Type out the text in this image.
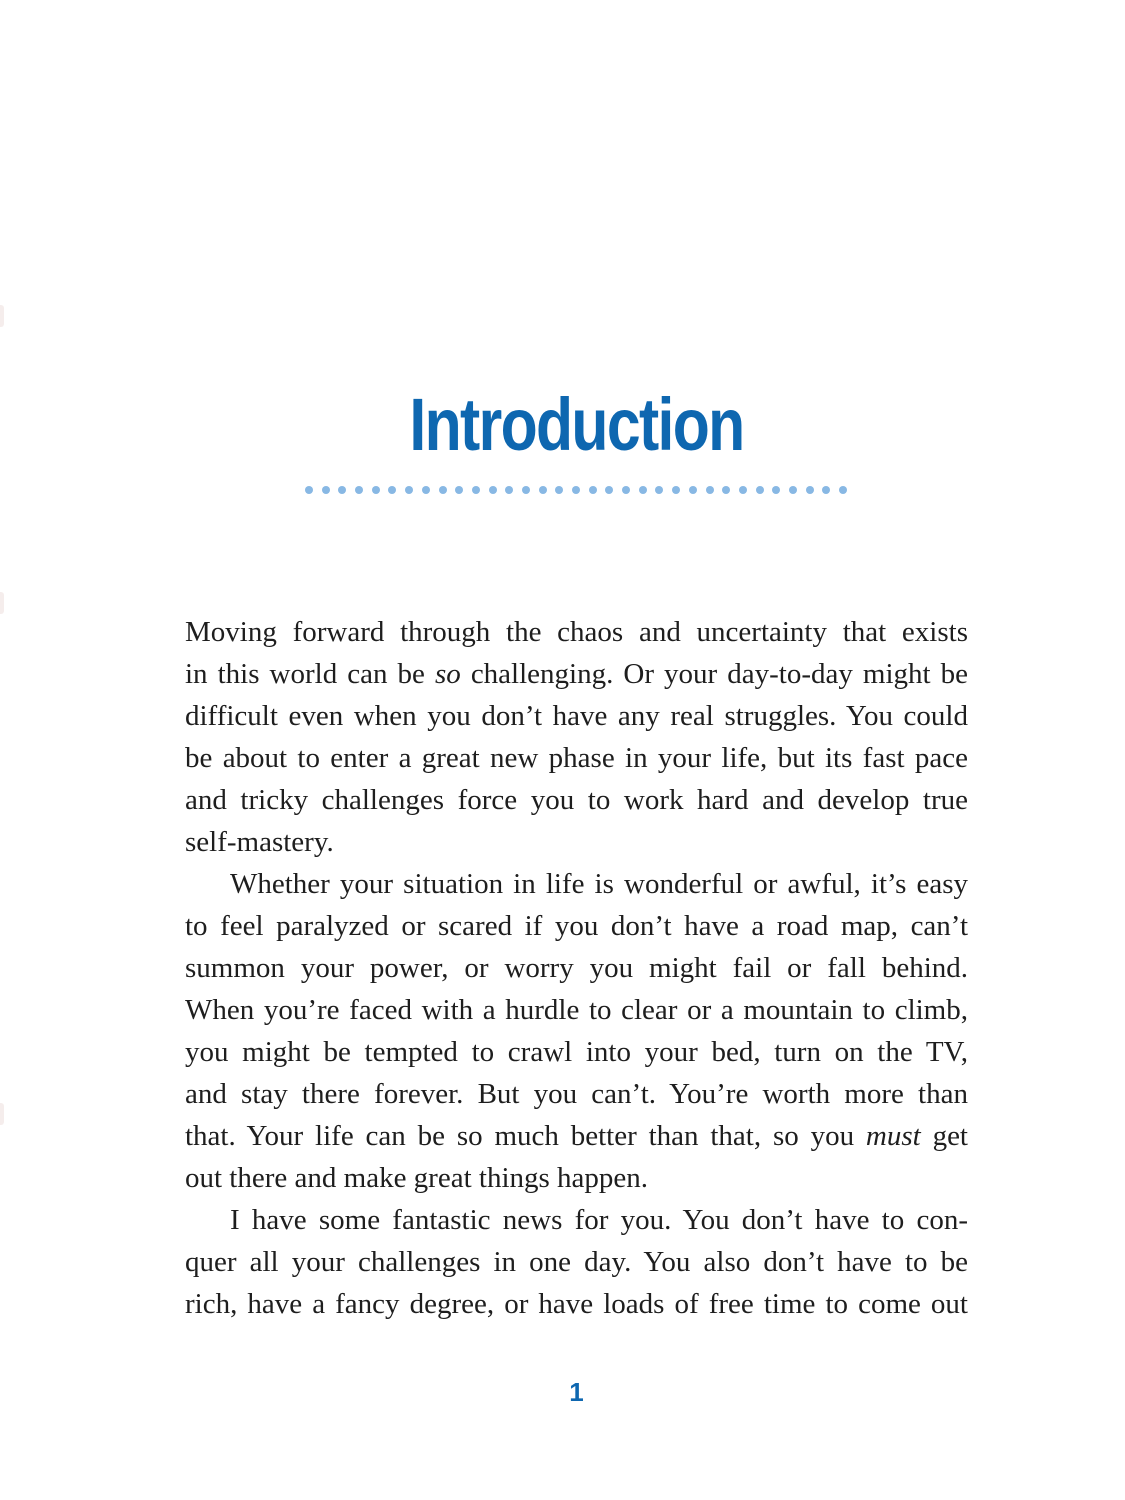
Introduction
Moving forward through the chaos and uncertainty that exists
in this world can be so challenging. Or your day-to-day might be
difficult even when you don’t have any real struggles. You could
be about to enter a great new phase in your life, but its fast pace
and tricky challenges force you to work hard and develop true
self-mastery.
Whether your situation in life is wonderful or awful, it’s easy
to feel paralyzed or scared if you don’t have a road map, can’t
summon your power, or worry you might fail or fall behind.
When you’re faced with a hurdle to clear or a mountain to climb,
you might be tempted to crawl into your bed, turn on the TV,
and stay there forever. But you can’t. You’re worth more than
that. Your life can be so much better than that, so you must get
out there and make great things happen.
I have some fantastic news for you. You don’t have to con-
quer all your challenges in one day. You also don’t have to be
rich, have a fancy degree, or have loads of free time to come out
1
